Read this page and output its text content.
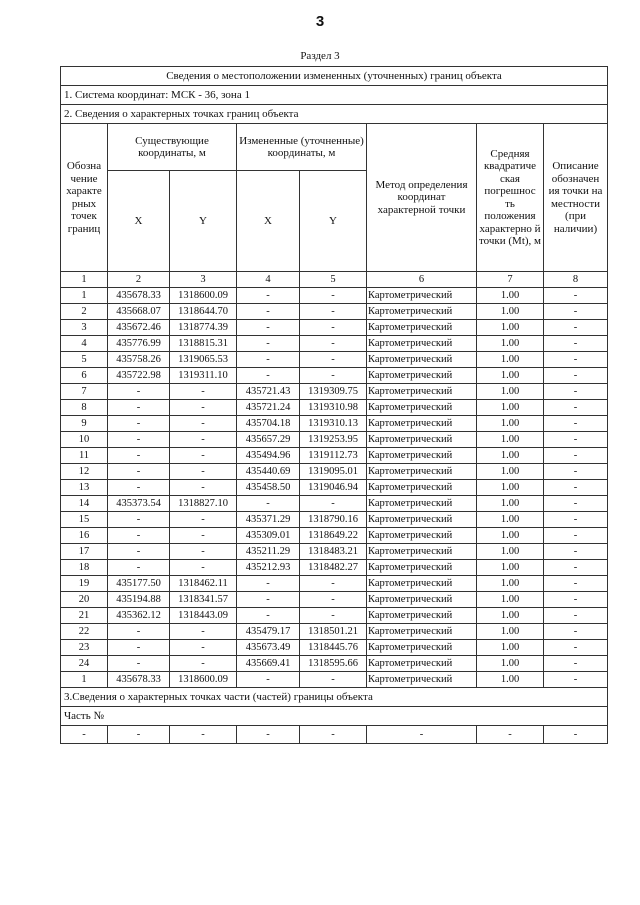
3
Раздел 3
Сведения о местоположении измененных (уточненных) границ объекта							
1. Система координат: МСК - 36, зона 1							
2. Сведения о характерных точках границ объекта							
Обозна чение характе рных точек границ	Существующие координаты, м		Измененные (уточненные) координаты, м		Метод определения координат характерной точки	Средняя квадратиче ская погрешнос ть положения характерно й точки (Mt), м	Описание обозначен ия точки на местности (при наличии)
	X	Y	X	Y			
1	2	3	4	5	6	7	8
1	435678.33	1318600.09	-	-	Картометрический	1.00	-
2	435668.07	1318644.70	-	-	Картометрический	1.00	-
3	435672.46	1318774.39	-	-	Картометрический	1.00	-
4	435776.99	1318815.31	-	-	Картометрический	1.00	-
5	435758.26	1319065.53	-	-	Картометрический	1.00	-
6	435722.98	1319311.10	-	-	Картометрический	1.00	-
7	-	-	435721.43	1319309.75	Картометрический	1.00	-
8	-	-	435721.24	1319310.98	Картометрический	1.00	-
9	-	-	435704.18	1319310.13	Картометрический	1.00	-
10	-	-	435657.29	1319253.95	Картометрический	1.00	-
11	-	-	435494.96	1319112.73	Картометрический	1.00	-
12	-	-	435440.69	1319095.01	Картометрический	1.00	-
13	-	-	435458.50	1319046.94	Картометрический	1.00	-
14	435373.54	1318827.10	-	-	Картометрический	1.00	-
15	-	-	435371.29	1318790.16	Картометрический	1.00	-
16	-	-	435309.01	1318649.22	Картометрический	1.00	-
17	-	-	435211.29	1318483.21	Картометрический	1.00	-
18	-	-	435212.93	1318482.27	Картометрический	1.00	-
19	435177.50	1318462.11	-	-	Картометрический	1.00	-
20	435194.88	1318341.57	-	-	Картометрический	1.00	-
21	435362.12	1318443.09	-	-	Картометрический	1.00	-
22	-	-	435479.17	1318501.21	Картометрический	1.00	-
23	-	-	435673.49	1318445.76	Картометрический	1.00	-
24	-	-	435669.41	1318595.66	Картометрический	1.00	-
1	435678.33	1318600.09	-	-	Картометрический	1.00	-
3.Сведения о характерных точках части (частей) границы объекта							
Часть №							
-	-	-	-	-	-	-	-
